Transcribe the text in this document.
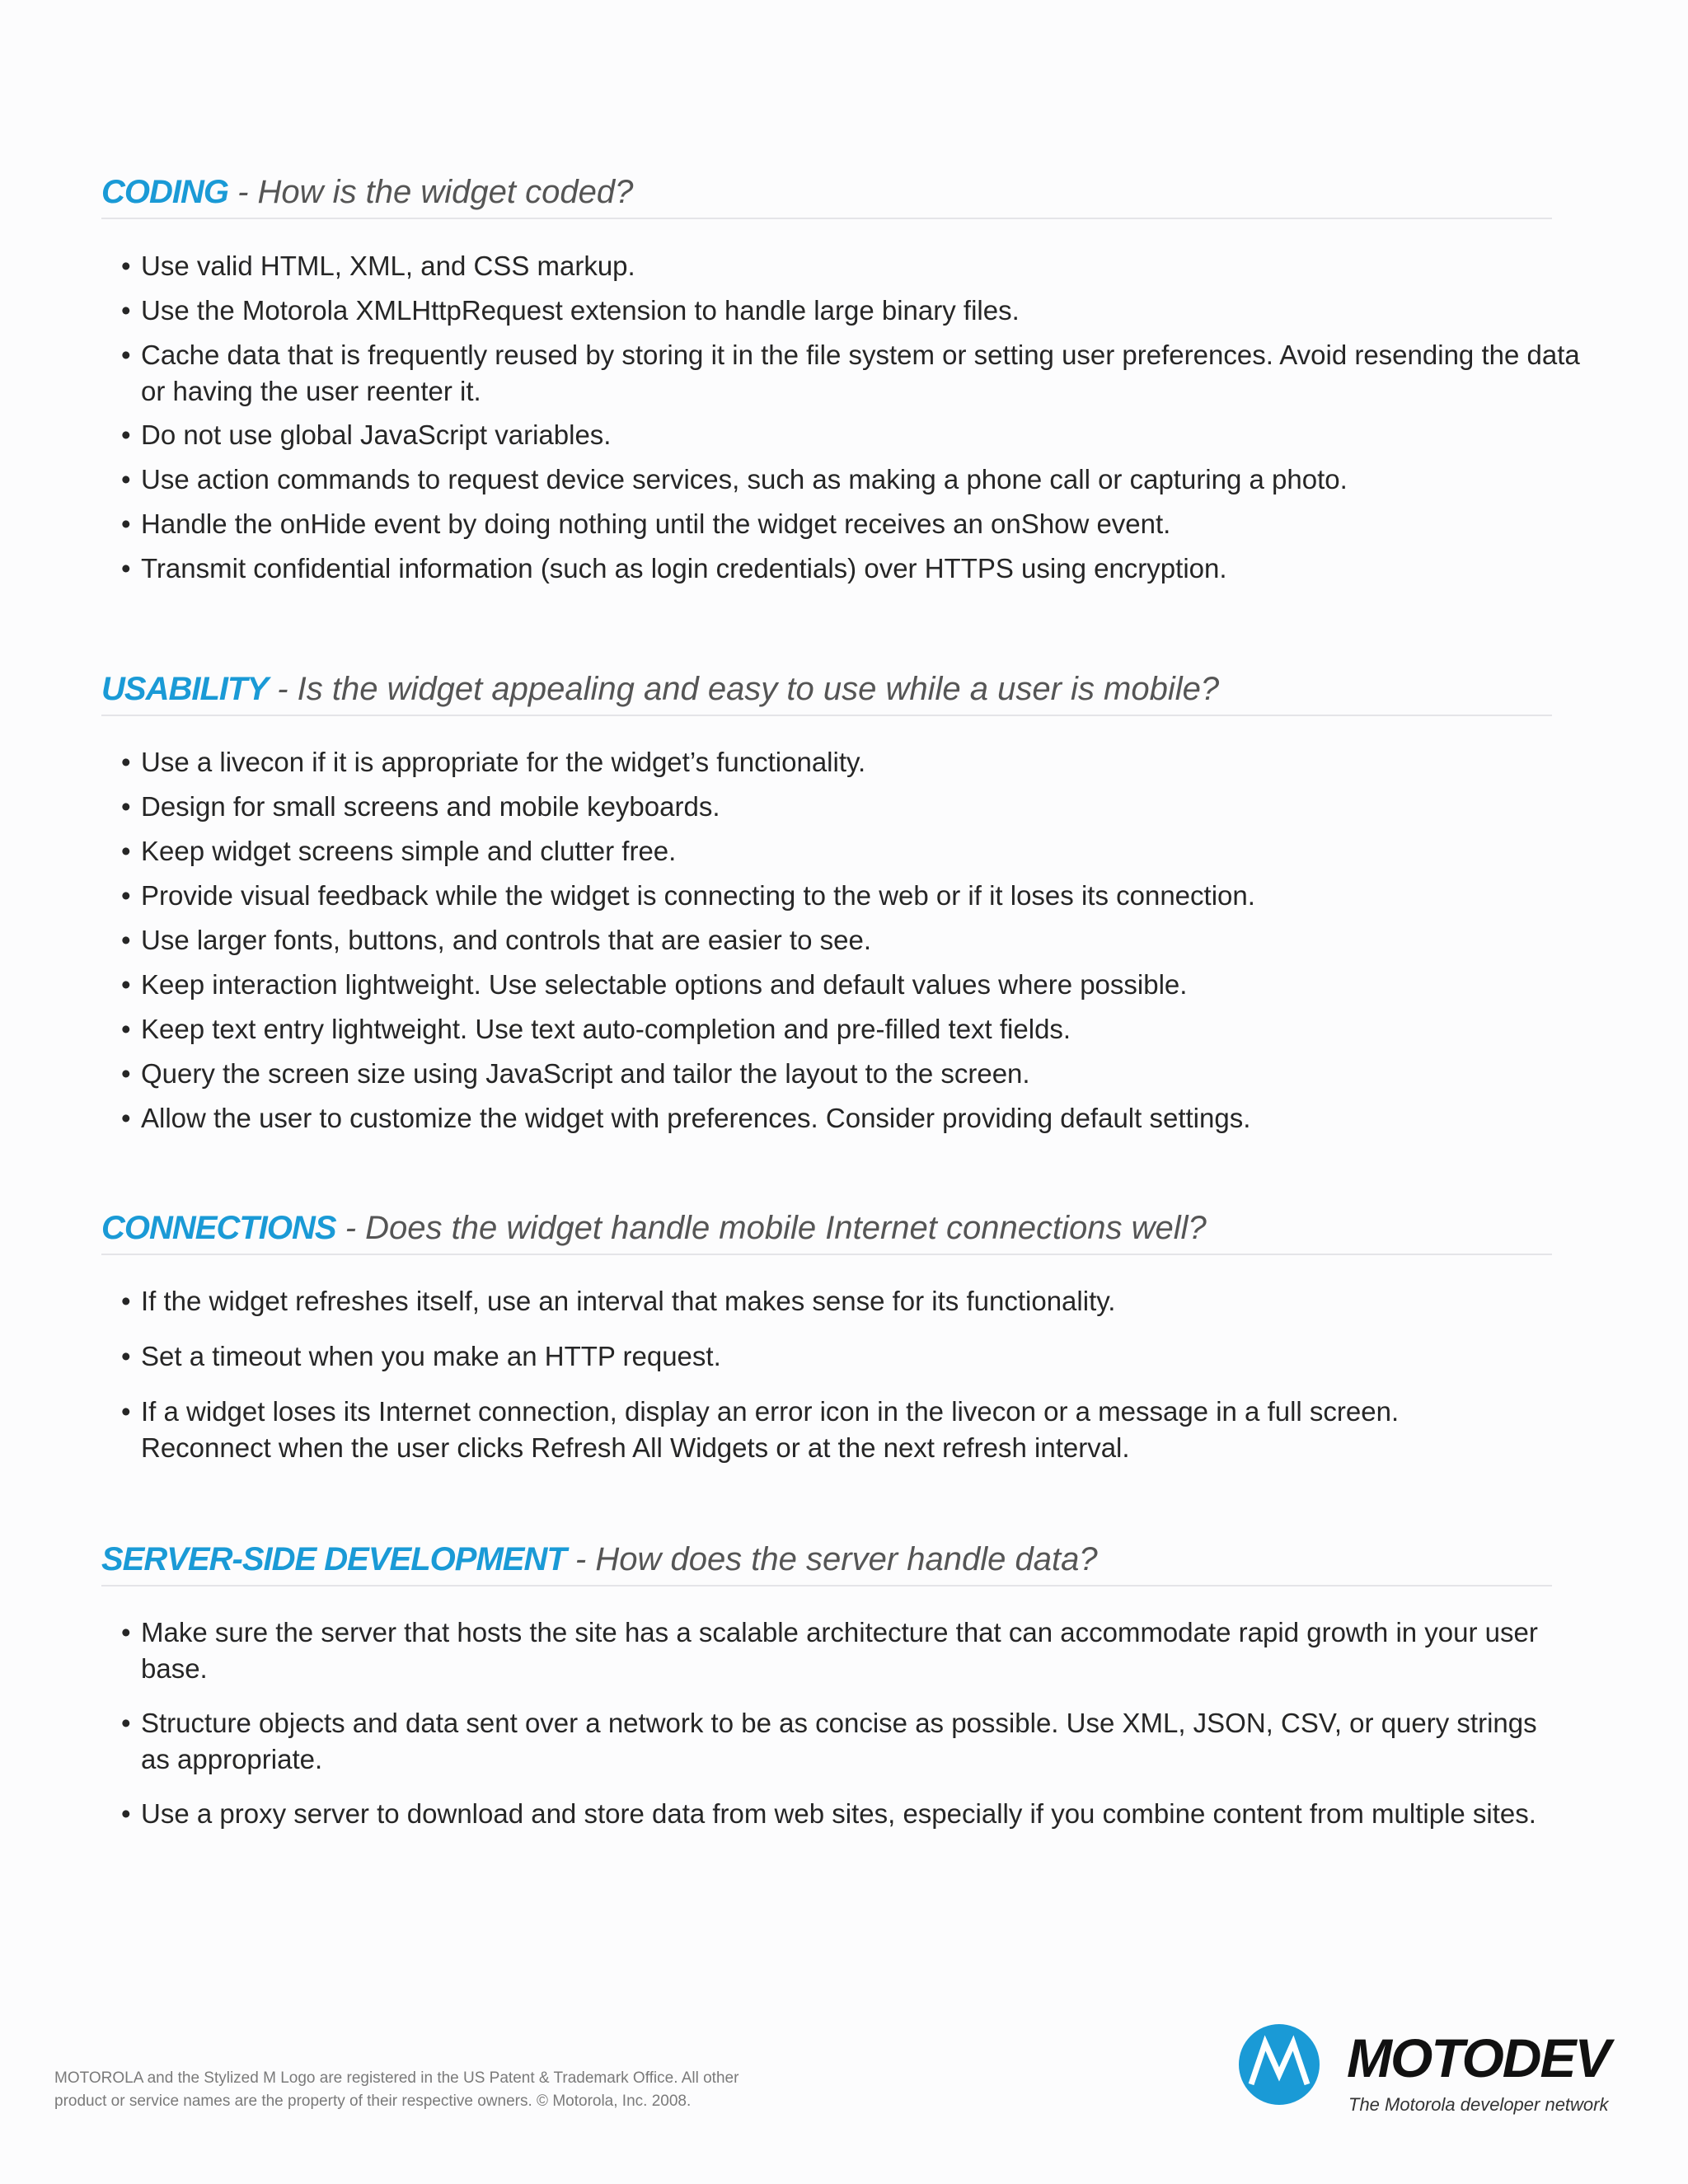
CODING - How is the widget coded?
• Use valid HTML, XML, and CSS markup.
• Use the Motorola XMLHttpRequest extension to handle large binary files.
• Cache data that is frequently reused by storing it in the file system or setting user preferences. Avoid resending the data or having the user reenter it.
• Do not use global JavaScript variables.
• Use action commands to request device services, such as making a phone call or capturing a photo.
• Handle the onHide event by doing nothing until the widget receives an onShow event.
• Transmit confidential information (such as login credentials) over HTTPS using encryption.
USABILITY - Is the widget appealing and easy to use while a user is mobile?
• Use a livecon if it is appropriate for the widget’s functionality.
• Design for small screens and mobile keyboards.
• Keep widget screens simple and clutter free.
• Provide visual feedback while the widget is connecting to the web or if it loses its connection.
• Use larger fonts, buttons, and controls that are easier to see.
• Keep interaction lightweight. Use selectable options and default values where possible.
• Keep text entry lightweight. Use text auto-completion and pre-filled text fields.
• Query the screen size using JavaScript and tailor the layout to the screen.
• Allow the user to customize the widget with preferences. Consider providing default settings.
CONNECTIONS - Does the widget handle mobile Internet connections well?
• If the widget refreshes itself, use an interval that makes sense for its functionality.
• Set a timeout when you make an HTTP request.
• If a widget loses its Internet connection, display an error icon in the livecon or a message in a full screen. Reconnect when the user clicks Refresh All Widgets or at the next refresh interval.
SERVER-SIDE DEVELOPMENT - How does the server handle data?
• Make sure the server that hosts the site has a scalable architecture that can accommodate rapid growth in your user base.
• Structure objects and data sent over a network to be as concise as possible. Use XML, JSON, CSV, or query strings as appropriate.
• Use a proxy server to download and store data from web sites, especially if you combine content from multiple sites.
MOTOROLA and the Stylized M Logo are registered in the US Patent & Trademark Office. All other
product or service names are the property of their respective owners. © Motorola, Inc. 2008.
MOTODEV
The Motorola developer network
